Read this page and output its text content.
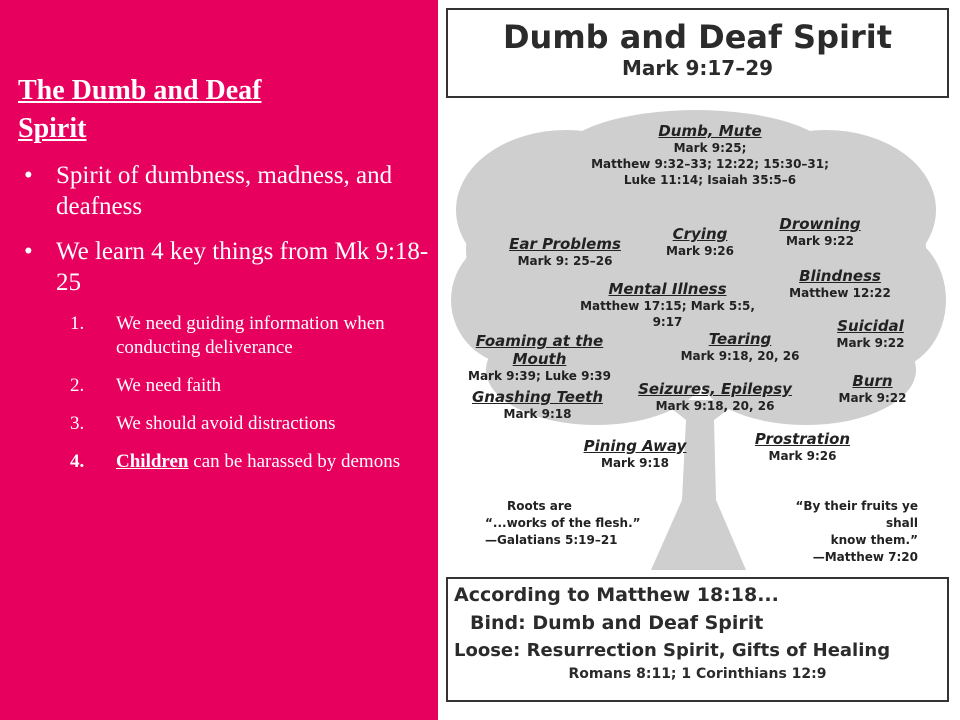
The Dumb and Deaf
Spirit

• Spirit of dumbness, madness, and deafness
• We learn 4 key things from Mk 9:18-25
1. We need guiding information when conducting deliverance
2. We need faith
3. We should avoid distractions
4. Children can be harassed by demons
Dumb and Deaf Spirit
Mark 9:17–29
Dumb, Mute
Mark 9:25;
Matthew 9:32–33; 12:22; 15:30–31;
Luke 11:14; Isaiah 35:5–6
Ear Problems
Mark 9: 25–26
Crying
Mark 9:26
Drowning
Mark 9:22
Blindness
Matthew 12:22
Mental Illness
Matthew 17:15; Mark 5:5, 9:17	Suicidal
Mark 9:22
Foaming at the Mouth
Mark 9:39; Luke 9:39
Tearing
Mark 9:18, 20, 26
Burn
Mark 9:22
Gnashing Teeth
Mark 9:18
Seizures, Epilepsy
Mark 9:18, 20, 26
Pining Away
Mark 9:18
Prostration
Mark 9:26
Roots are
“...works of the flesh.”
—Galatians 5:19–21
“By their fruits ye shall
know them.”
—Matthew 7:20
According to Matthew 18:18...
Bind: Dumb and Deaf Spirit
Loose: Resurrection Spirit, Gifts of Healing
Romans 8:11; 1 Corinthians 12:9
